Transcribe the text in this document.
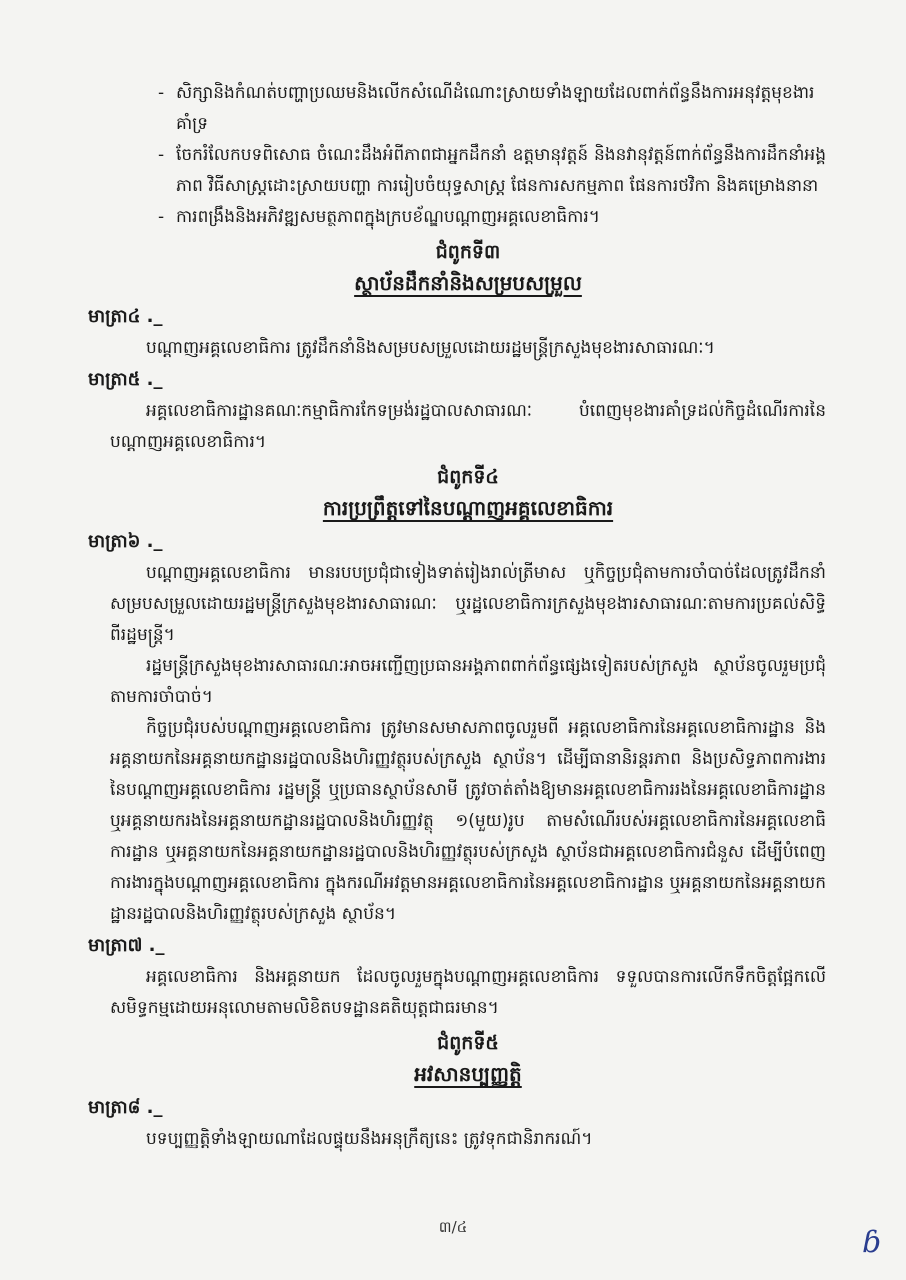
- សិក្សានិងកំណត់បញ្ហាប្រឈមនិងលើកសំណើដំណោះស្រាយទាំងឡាយដែលពាក់ព័ន្ធនឹងការអនុវត្តមុខងារគាំទ្រ
- ចែករំលែកបទពិសោធ ចំណេះដឹងអំពីភាពជាអ្នកដឹកនាំ ឧត្តមានុវត្តន៍ និងនវានុវត្តន៍ពាក់ព័ន្ធនឹងការដឹកនាំអង្គភាព វិធីសាស្ត្រដោះស្រាយបញ្ហា ការរៀបចំយុទ្ធសាស្ត្រ ផែនការសកម្មភាព ផែនការថវិកា និងគម្រោងនានា
- ការពង្រឹងនិងអភិវឌ្ឍសមត្ថភាពក្នុងក្របខ័ណ្ឌបណ្ដាញអគ្គលេខាធិការ។
ជំពូកទី៣
ស្ថាប័នដឹកនាំនិងសម្របសម្រួល
មាត្រា៤ ._
បណ្ដាញអគ្គលេខាធិការ ត្រូវដឹកនាំនិងសម្របសម្រួលដោយរដ្ឋមន្ត្រីក្រសួងមុខងារសាធារណៈ។
មាត្រា៥ ._
អគ្គលេខាធិការដ្ឋានគណៈកម្មាធិការកែទម្រង់រដ្ឋបាលសាធារណៈ បំពេញមុខងារគាំទ្រដល់កិច្ចដំណើរការនៃបណ្ដាញអគ្គលេខាធិការ។
ជំពូកទី៤
ការប្រព្រឹត្តទៅនៃបណ្ដាញអគ្គលេខាធិការ
មាត្រា៦ ._
បណ្ដាញអគ្គលេខាធិការ មានរបបប្រជុំជាទៀងទាត់រៀងរាល់ត្រីមាស ឬកិច្ចប្រជុំតាមការចាំបាច់ដែលត្រូវដឹកនាំសម្របសម្រួលដោយរដ្ឋមន្ត្រីក្រសួងមុខងារសាធារណៈ ឬរដ្ឋលេខាធិការក្រសួងមុខងារសាធារណៈតាមការប្រគល់សិទ្ធិពីរដ្ឋមន្ត្រី។
រដ្ឋមន្ត្រីក្រសួងមុខងារសាធារណៈអាចអញ្ជើញប្រធានអង្គភាពពាក់ព័ន្ធផ្សេងទៀតរបស់ក្រសួង ស្ថាប័នចូលរួមប្រជុំតាមការចាំបាច់។
កិច្ចប្រជុំរបស់បណ្ដាញអគ្គលេខាធិការ ត្រូវមានសមាសភាពចូលរួមពី អគ្គលេខាធិការនៃអគ្គលេខាធិការដ្ឋាន និងអគ្គនាយកនៃអគ្គនាយកដ្ឋានរដ្ឋបាលនិងហិរញ្ញវត្ថុរបស់ក្រសួង ស្ថាប័ន។ ដើម្បីធានានិរន្តរភាព និងប្រសិទ្ធភាពការងារនៃបណ្ដាញអគ្គលេខាធិការ រដ្ឋមន្ត្រី ឬប្រធានស្ថាប័នសាមី ត្រូវចាត់តាំងឱ្យមានអគ្គលេខាធិការរងនៃអគ្គលេខាធិការដ្ឋាន ឬអគ្គនាយករងនៃអគ្គនាយកដ្ឋានរដ្ឋបាលនិងហិរញ្ញវត្ថុ ១(មួយ)រូប តាមសំណើរបស់អគ្គលេខាធិការនៃអគ្គលេខាធិការដ្ឋាន ឬអគ្គនាយកនៃអគ្គនាយកដ្ឋានរដ្ឋបាលនិងហិរញ្ញវត្ថុរបស់ក្រសួង ស្ថាប័នជាអគ្គលេខាធិការជំនួស ដើម្បីបំពេញការងារក្នុងបណ្ដាញអគ្គលេខាធិការ ក្នុងករណីអវត្តមានអគ្គលេខាធិការនៃអគ្គលេខាធិការដ្ឋាន ឬអគ្គនាយកនៃអគ្គនាយកដ្ឋានរដ្ឋបាលនិងហិរញ្ញវត្ថុរបស់ក្រសួង ស្ថាប័ន។
មាត្រា៧ ._
អគ្គលេខាធិការ និងអគ្គនាយក ដែលចូលរួមក្នុងបណ្ដាញអគ្គលេខាធិការ ទទួលបានការលើកទឹកចិត្តផ្អែកលើសមិទ្ធកម្មដោយអនុលោមតាមលិខិតបទដ្ឋានគតិយុត្តជាធរមាន។
ជំពូកទី៥
អវសានប្បញ្ញត្តិ
មាត្រា៨ ._
បទប្បញ្ញត្តិទាំងឡាយណាដែលផ្ទុយនឹងអនុក្រឹត្យនេះ ត្រូវទុកជានិរាករណ៍។
៣/៤	ɓ
